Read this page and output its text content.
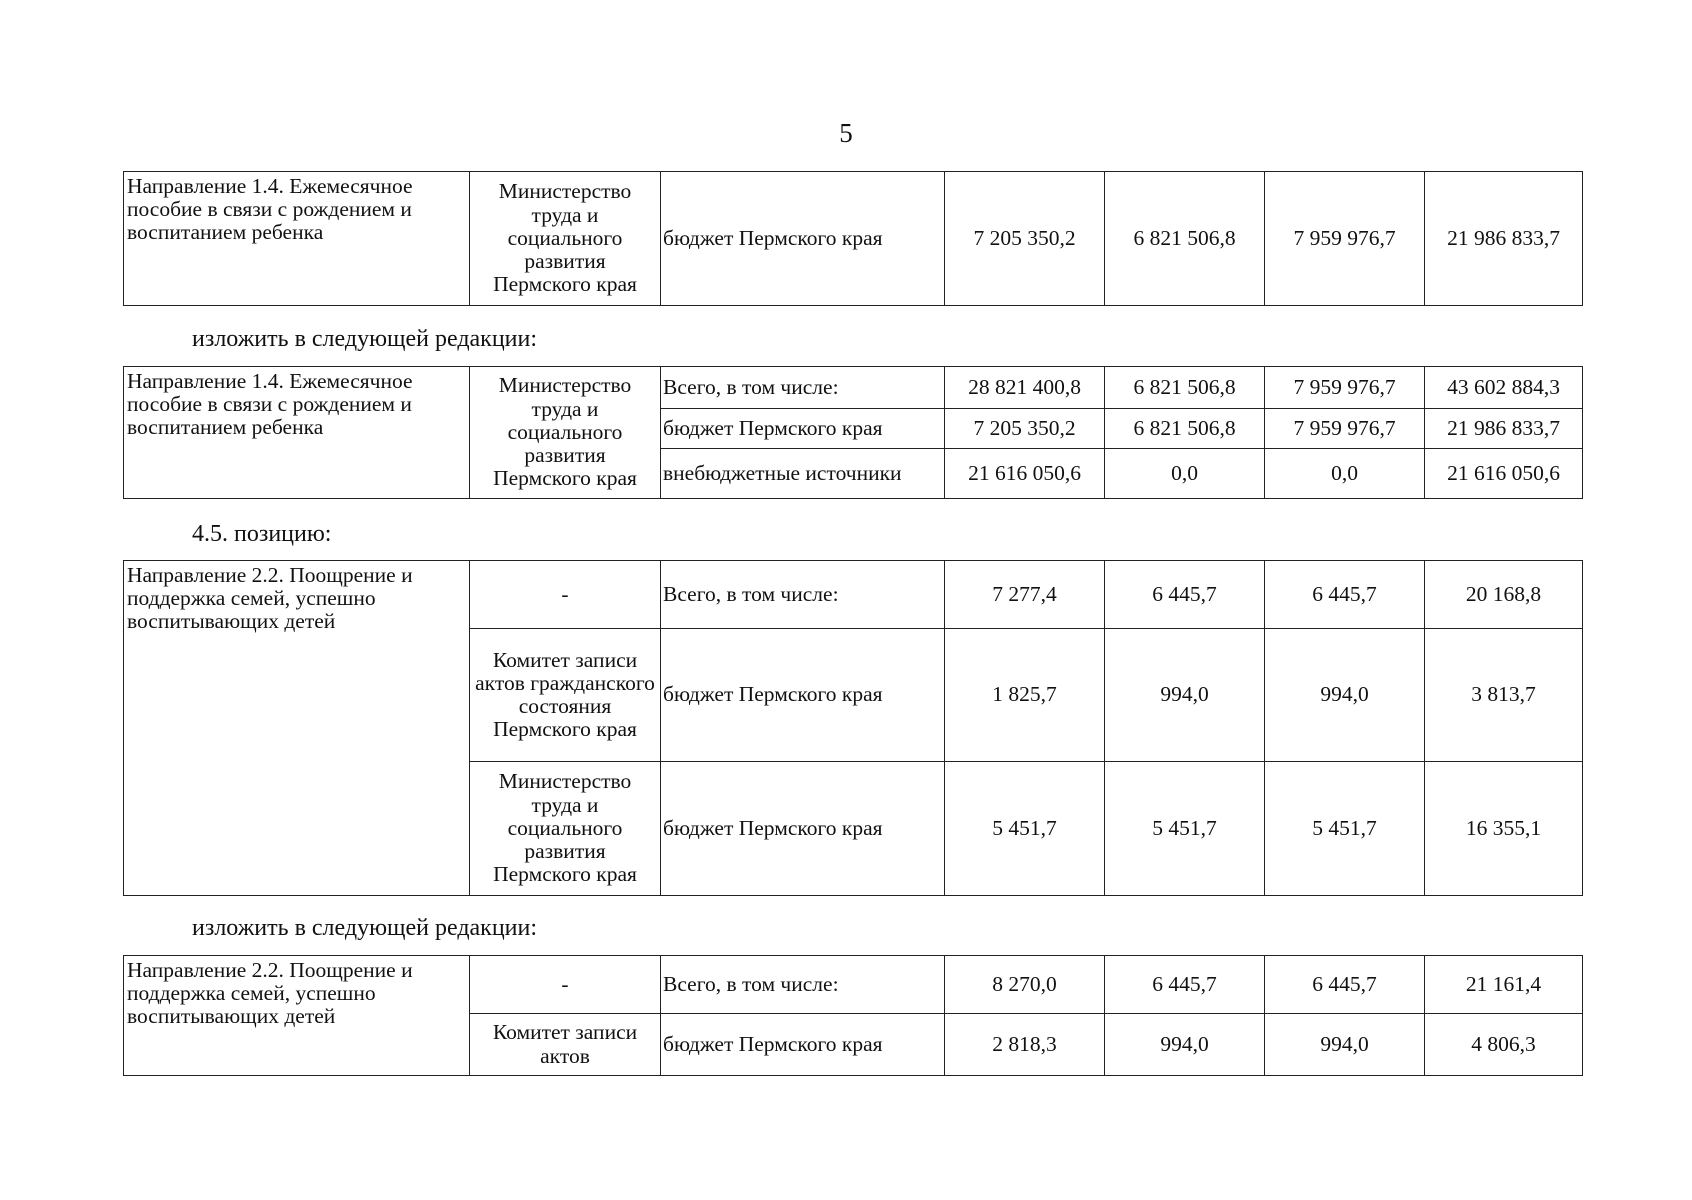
5
Направление 1.4. Ежемесячное пособие в связи с рождением и воспитанием ребенка	Министерство труда и социального развития Пермского края	бюджет Пермского края	7 205 350,2	6 821 506,8	7 959 976,7	21 986 833,7
изложить в следующей редакции:
Направление 1.4. Ежемесячное пособие в связи с рождением и воспитанием ребенка	Министерство труда и социального развития Пермского края	Всего, в том числе:	28 821 400,8	6 821 506,8	7 959 976,7	43 602 884,3
		бюджет Пермского края	7 205 350,2	6 821 506,8	7 959 976,7	21 986 833,7
		внебюджетные источники	21 616 050,6	0,0	0,0	21 616 050,6
4.5. позицию:
Направление 2.2. Поощрение и поддержка семей, успешно воспитывающих детей	-	Всего, в том числе:	7 277,4	6 445,7	6 445,7	20 168,8
	Комитет записи актов гражданского состояния Пермского края	бюджет Пермского края	1 825,7	994,0	994,0	3 813,7
	Министерство труда и социального развития Пермского края	бюджет Пермского края	5 451,7	5 451,7	5 451,7	16 355,1
изложить в следующей редакции:
Направление 2.2. Поощрение и поддержка семей, успешно воспитывающих детей	-	Всего, в том числе:	8 270,0	6 445,7	6 445,7	21 161,4
	Комитет записи актов	бюджет Пермского края	2 818,3	994,0	994,0	4 806,3
